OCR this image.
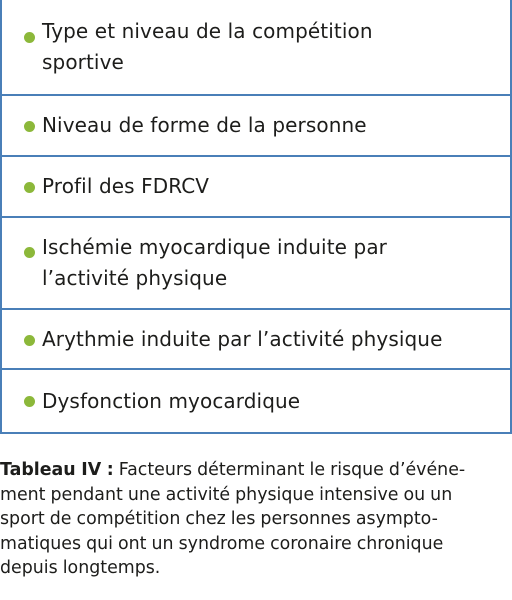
Type et niveau de la compétition
sportive
Niveau de forme de la personne
Profil des FDRCV
Ischémie myocardique induite par
l’activité physique
Arythmie induite par l’activité physique
Dysfonction myocardique
Tableau IV : Facteurs déterminant le risque d’événe-
ment pendant une activité physique intensive ou un
sport de compétition chez les personnes asympto-
matiques qui ont un syndrome coronaire chronique
depuis longtemps.
